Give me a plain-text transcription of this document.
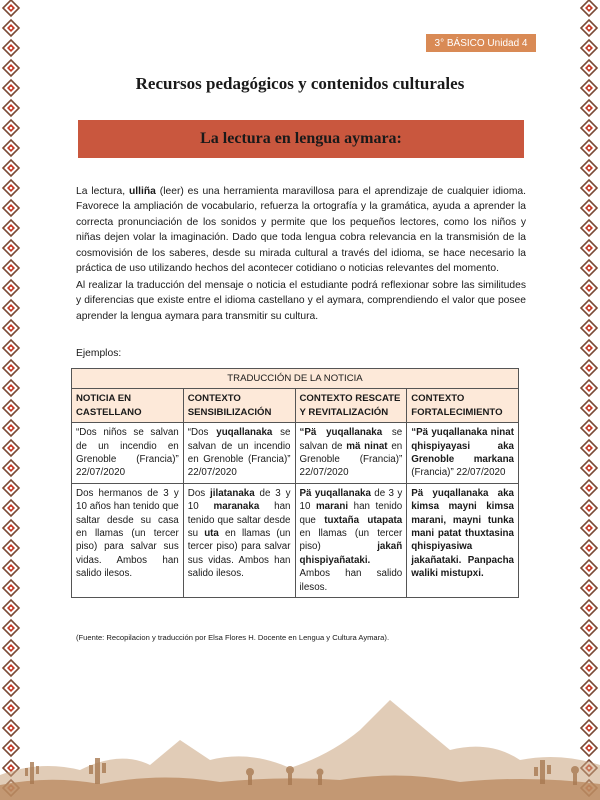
3° BÁSICO Unidad 4
Recursos pedagógicos y contenidos culturales
La lectura en lengua aymara:

La lectura, ulliña (leer) es una herramienta maravillosa para el aprendizaje de cualquier idioma. Favorece la ampliación de vocabulario, refuerza la ortografía y la gramática, ayuda a aprender la correcta pronunciación de los sonidos y permite que los pequeños lectores, como los niños y niñas dejen volar la imaginación. Dado que toda lengua cobra relevancia en la transmisión de la cosmovisión de los saberes, desde su mirada cultural a través del idioma, se hace necesario la práctica de uso utilizando hechos del acontecer cotidiano o noticias relevantes del momento.

Al realizar la traducción del mensaje o noticia el estudiante podrá reflexionar sobre las similitudes y diferencias que existe entre el idioma castellano y el aymara, comprendiendo el valor que posee aprender la lengua aymara para transmitir su cultura.

Ejemplos:

TRADUCCIÓN DE LA NOTICIA			
NOTICIA EN CASTELLANO	CONTEXTO SENSIBILIZACIÓN	CONTEXTO RESCATE Y REVITALIZACIÓN	CONTEXTO FORTALECIMIENTO
“Dos niños se salvan de un incendio en Grenoble (Francia)” 22/07/2020	“Dos yuqallanaka se salvan de un incendio en Grenoble (Francia)” 22/07/2020	“Pä yuqallanaka se salvan de mä ninat en Grenoble (Francia)” 22/07/2020	“Pä yuqallanaka ninat qhispiyayasi aka Grenoble markana (Francia)” 22/07/2020
Dos hermanos de 3 y 10 años han tenido que saltar desde su casa en llamas (un tercer piso) para salvar sus vidas. Ambos han salido ilesos.	Dos jilatanaka de 3 y 10 maranaka han tenido que saltar desde su uta en llamas (un tercer piso) para salvar sus vidas. Ambos han salido ilesos.	Pä yuqallanaka de 3 y 10 marani han tenido que tuxtaña utapata en llamas (un tercer piso) jakañ qhispiyañataki. Ambos han salido ilesos.	Pä yuqallanaka aka kimsa mayni kimsa marani, mayni tunka mani patat thuxtasina qhispiyasiwa jakañataki. Panpacha waliki mistupxi.

(Fuente: Recopilacion y traducción por Elsa Flores H. Docente en Lengua y Cultura Aymara).
